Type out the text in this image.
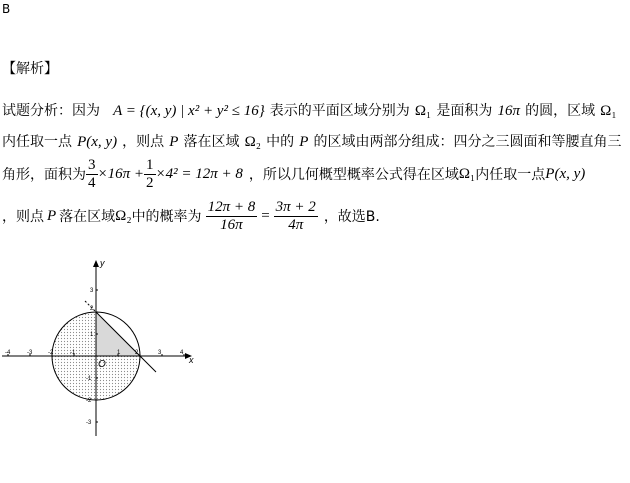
B
【解析】
试题分析：因为 A = {(x, y) | x² + y² ≤ 16} 表示的平面区域分别为 Ω₁ 是面积为 16π 的圆，区域 Ω₁
内任取一点 P(x, y) ，则点 P 落在区域 Ω₂ 中的 P 的区域由两部分组成：四分之三圆面和等腰直角三
角形，面积为 $\frac{3}{4} \times 16\pi + \frac{1}{2} \times 4^2 = 12\pi + 8$ ，所以几何概型概率公式得在区域 Ω₁ 内任取一点 P(x, y)
，则点 P 落在区域 Ω₂ 中的概率为 $\frac{12\pi + 8}{16\pi} = \frac{3\pi + 2}{4\pi}$ ，故选B.
y
x
O
-4	-3	-2	-1	1 2	3	4
3
2
1
-1
-2
-3
